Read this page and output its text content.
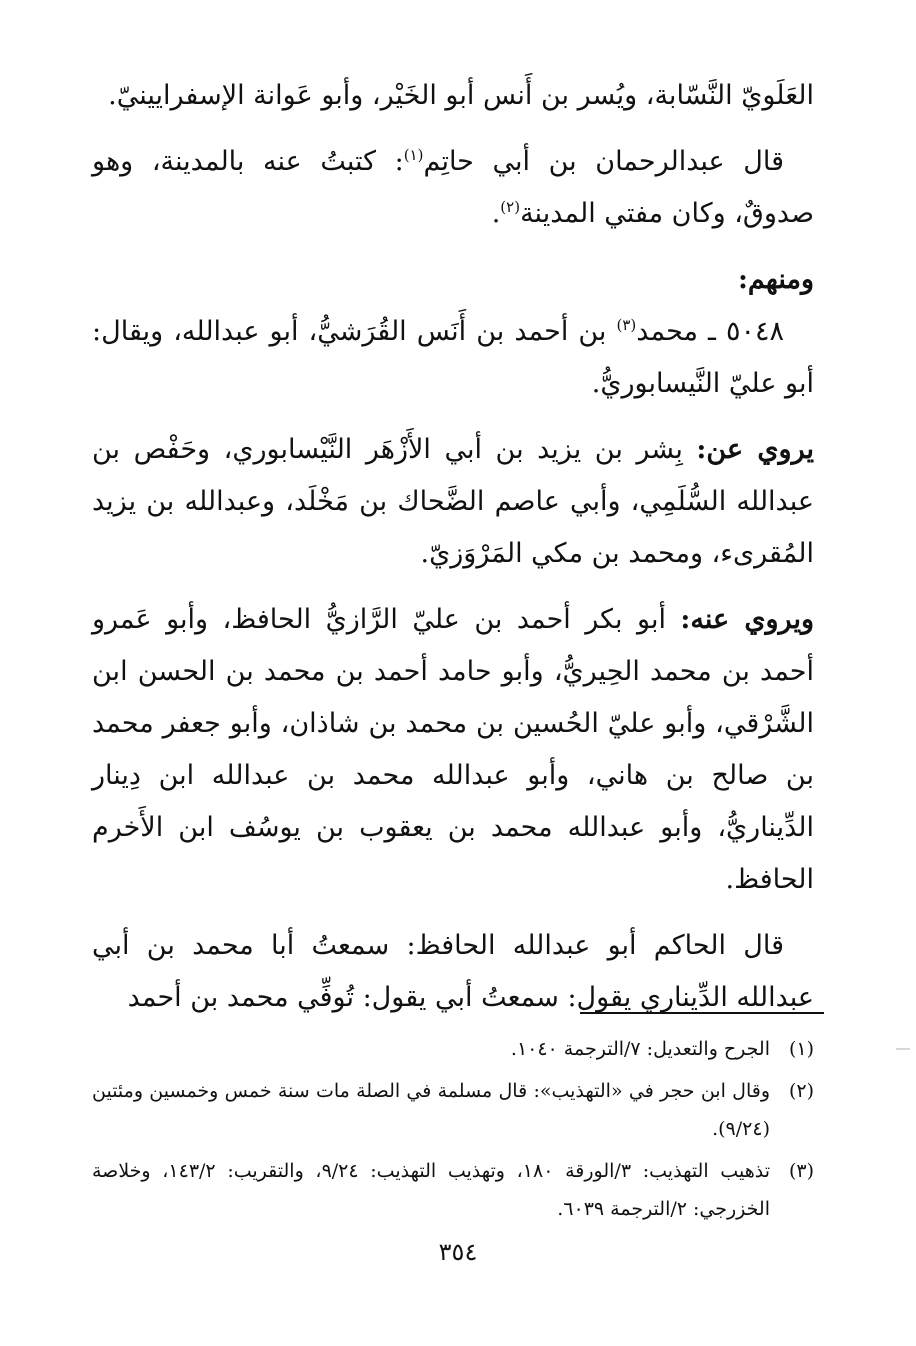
العَلَويّ النَّسّابة، ويُسر بن أَنس أبو الخَيْر، وأبو عَوانة الإسفرايينيّ.

قال عبدالرحمان بن أبي حاتِم$^{(١)}$: كتبتُ عنه بالمدينة، وهو صدوقٌ، وكان مفتي المدينة$^{(٢)}$.

ومنهم:

٥٠٤٨ ـ محمد$^{(٣)}$ بن أحمد بن أَنَس القُرَشيُّ، أبو عبدالله، ويقال: أبو عليّ النَّيسابوريُّ.

يروي عن: بِشر بن يزيد بن أبي الأَزْهَر النَّيْسابوري، وحَفْص بن عبدالله السُّلَمِي، وأبي عاصم الضَّحاك بن مَخْلَد، وعبدالله بن يزيد المُقرىء، ومحمد بن مكي المَرْوَزيّ.

ويروي عنه: أبو بكر أحمد بن عليّ الرَّازيُّ الحافظ، وأبو عَمرو أحمد بن محمد الحِيريُّ، وأبو حامد أحمد بن محمد بن الحسن ابن الشَّرْقي، وأبو عليّ الحُسين بن محمد بن شاذان، وأبو جعفر محمد بن صالح بن هاني، وأبو عبدالله محمد بن عبدالله ابن دِينار الدِّيناريُّ، وأبو عبدالله محمد بن يعقوب بن يوسُف ابن الأَخرم الحافظ.

قال الحاكم أبو عبدالله الحافظ: سمعتُ أبا محمد بن أبي عبدالله الدِّيناري يقول: سمعتُ أبي يقول: تُوفِّي محمد بن أحمد

(١)
الجرح والتعديل: ٧/الترجمة ١٠٤٠.
(٢)
وقال ابن حجر في «التهذيب»: قال مسلمة في الصلة مات سنة خمس وخمسين ومئتين (٩/٢٤).
(٣)
تذهيب التهذيب: ٣/الورقة ١٨٠، وتهذيب التهذيب: ٩/٢٤، والتقريب: ١٤٣/٢، وخلاصة الخزرجي: ٢/الترجمة ٦٠٣٩.
٣٥٤
